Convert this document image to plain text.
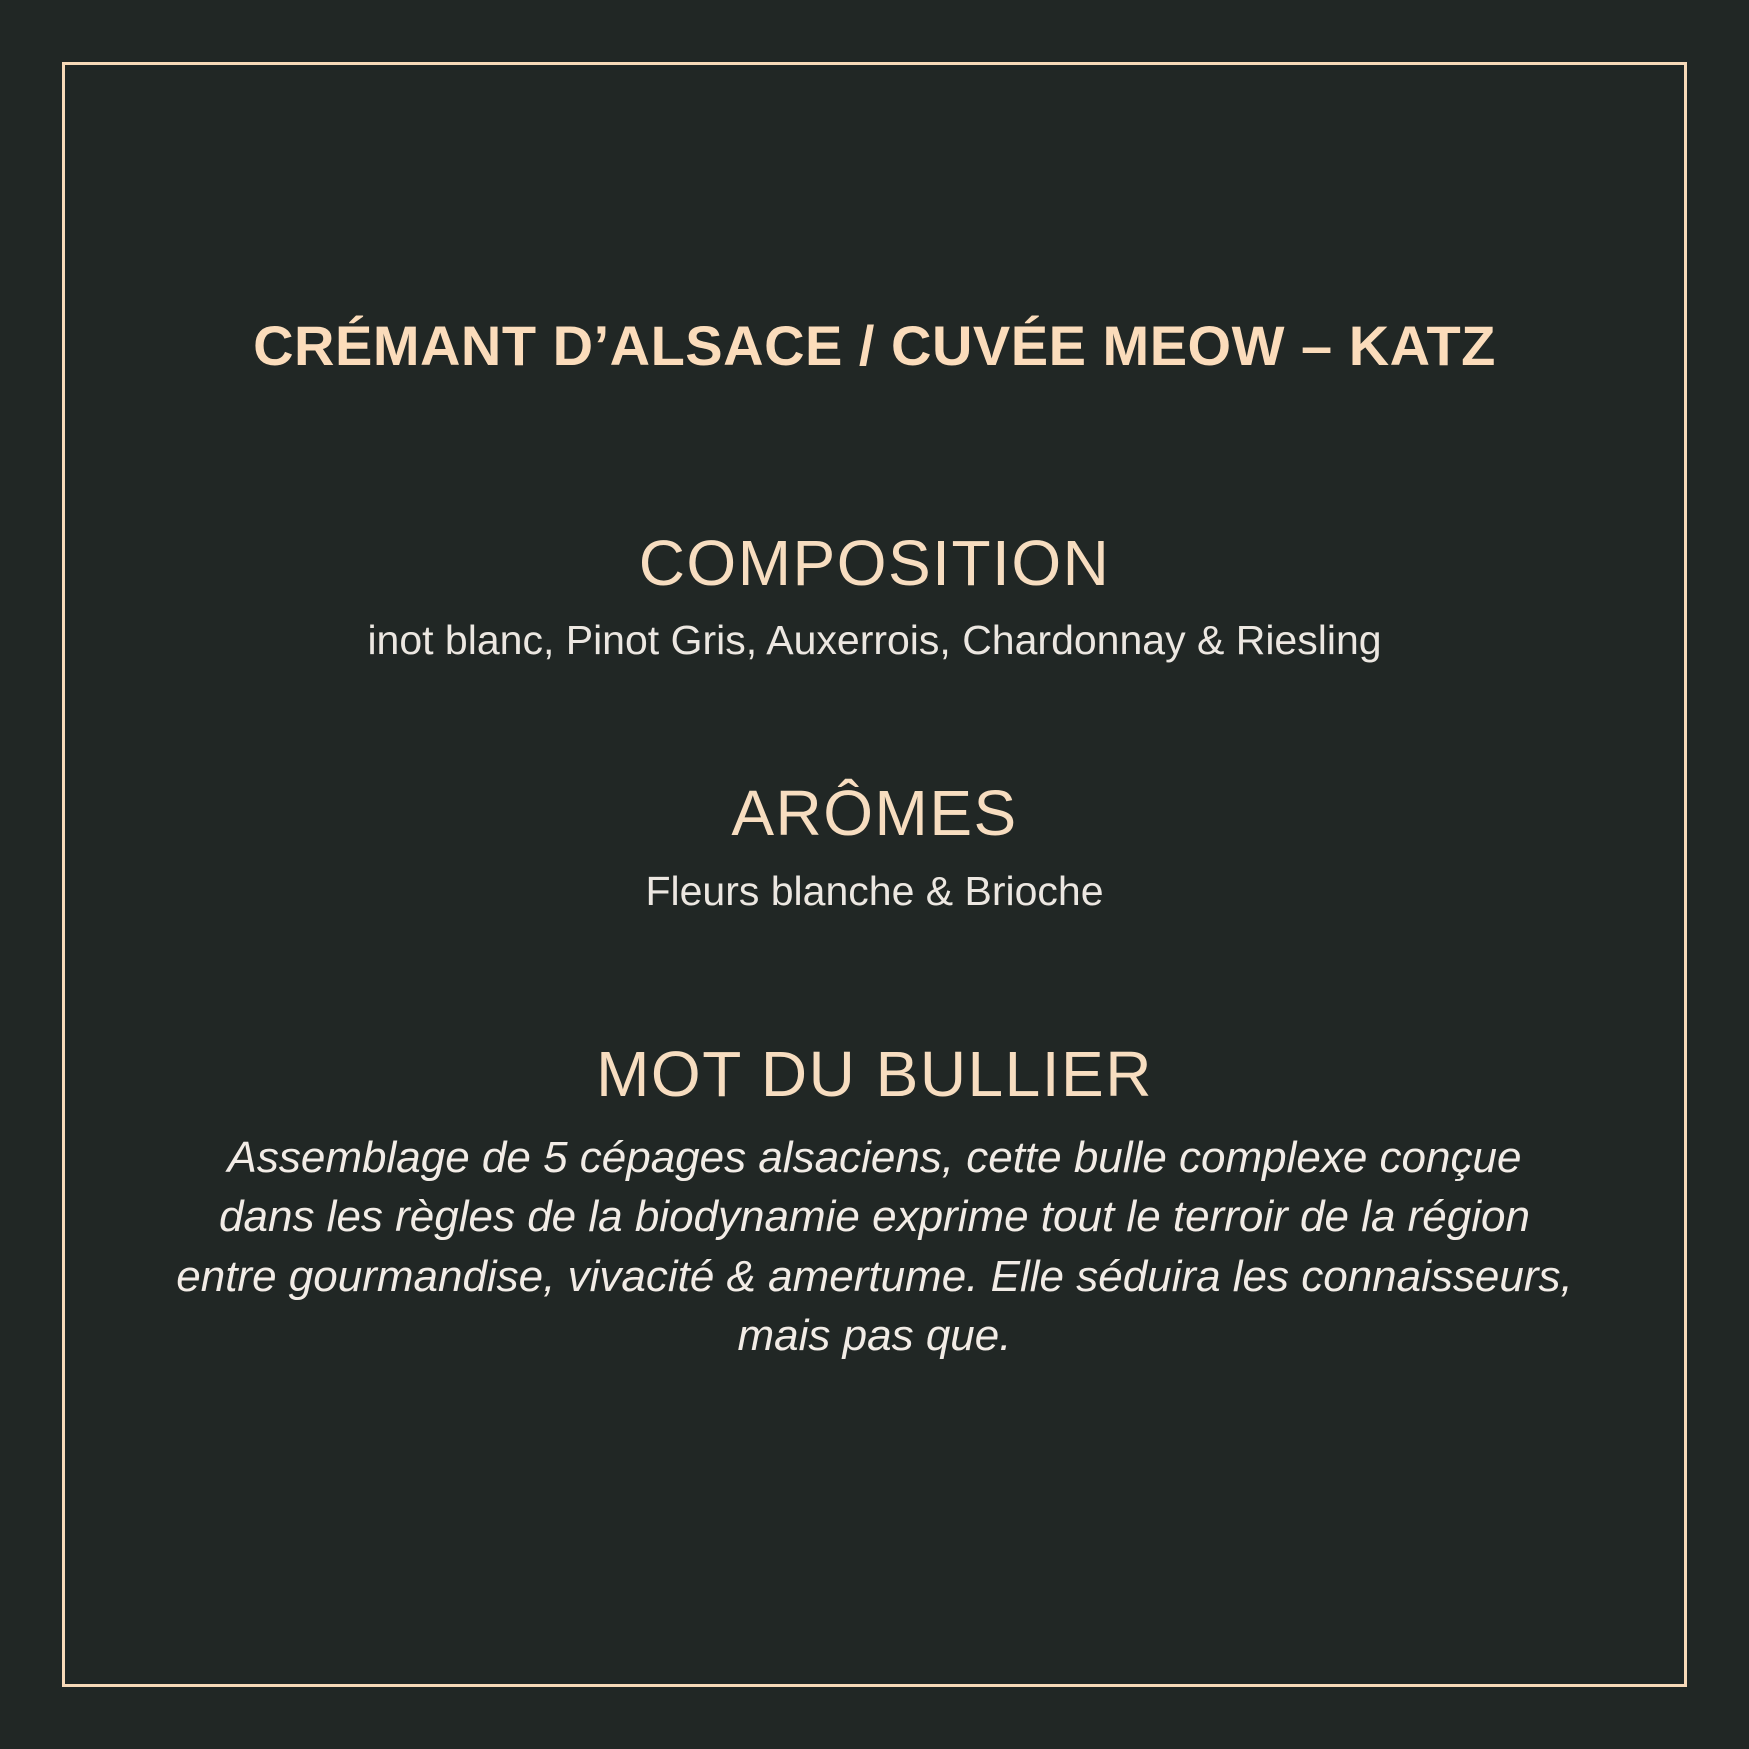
CRÉMANT D’ALSACE / CUVÉE MEOW – KATZ
COMPOSITION
inot blanc, Pinot Gris, Auxerrois, Chardonnay & Riesling
ARÔMES
Fleurs blanche & Brioche
MOT DU BULLIER
Assemblage de 5 cépages alsaciens, cette bulle complexe conçue dans les règles de la biodynamie exprime tout le terroir de la région entre gourmandise, vivacité & amertume. Elle séduira les connaisseurs, mais pas que.
